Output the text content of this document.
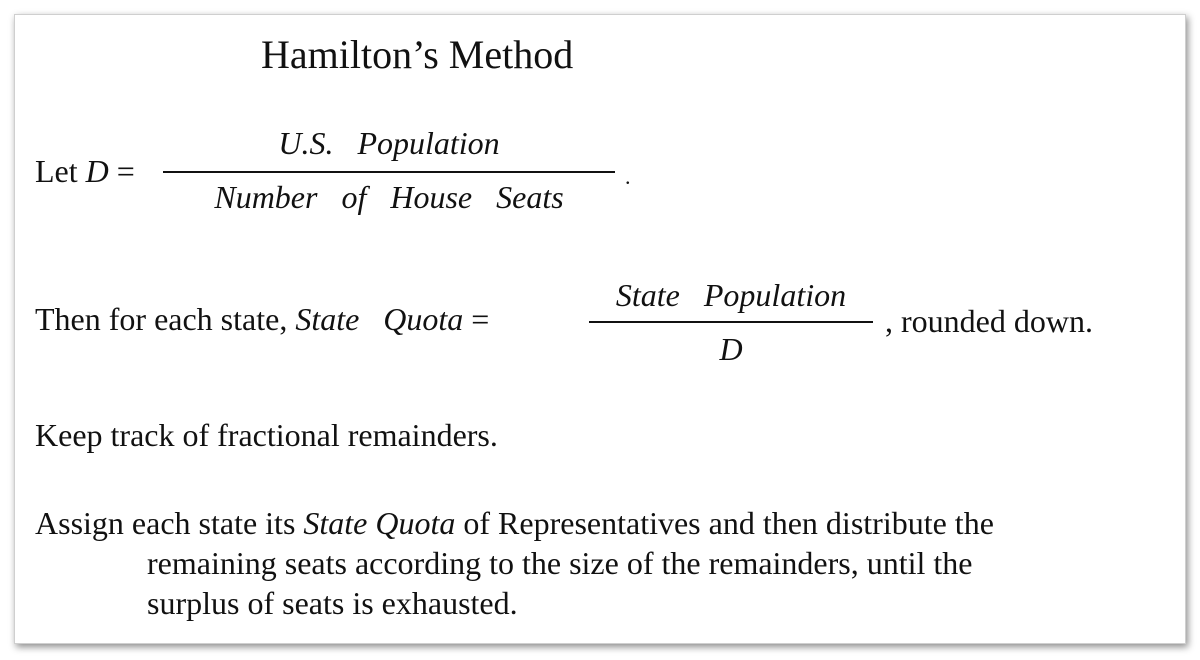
Hamilton’s Method
Let D =
U.S.   Population
Number   of   House   Seats
.
Then for each state, State   Quota =
State   Population
D
, rounded down.
Keep track of fractional remainders.
Assign each state its State Quota of Representatives and then distribute the
remaining seats according to the size of the remainders, until the
surplus of seats is exhausted.
